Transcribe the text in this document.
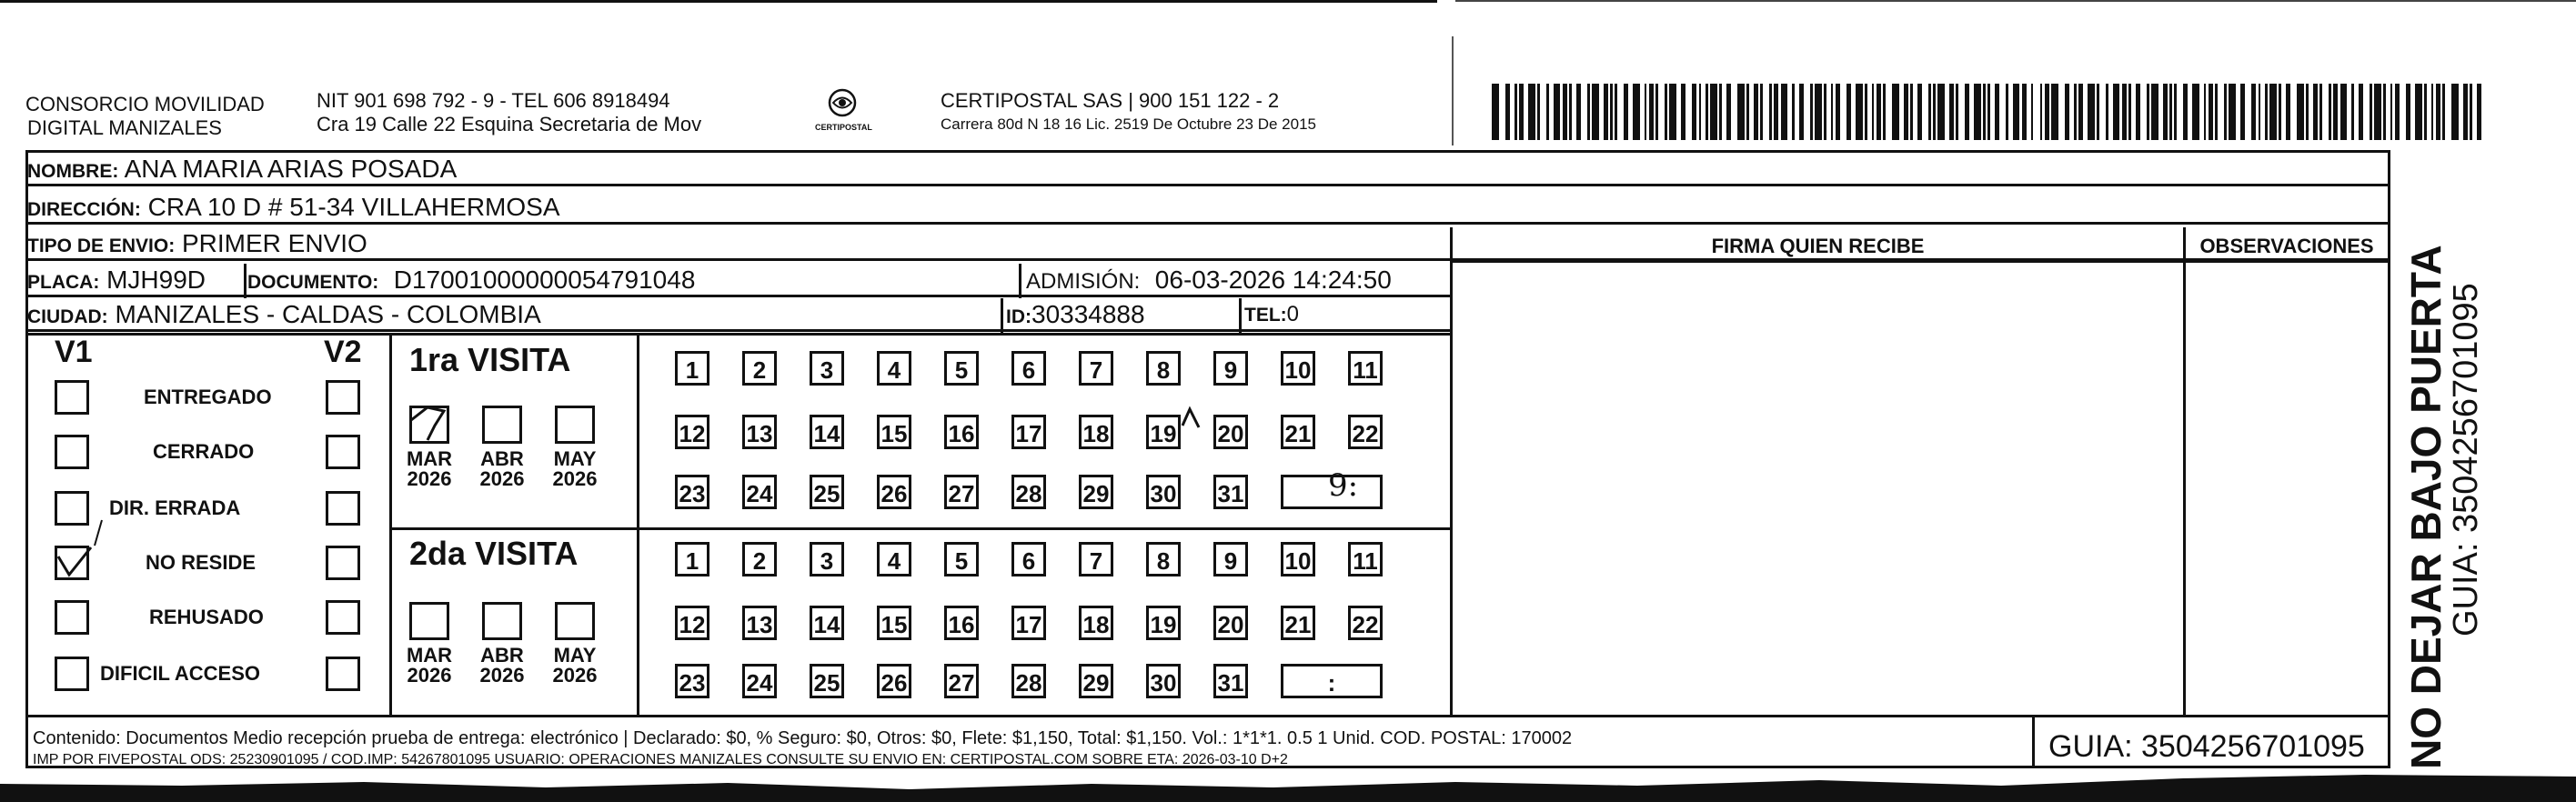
CONSORCIO MOVILIDAD
DIGITAL MANIZALES
NIT 901 698 792 - 9 - TEL 606 8918494
Cra 19 Calle 22 Esquina Secretaria de Mov	CERTIPOSTAL
CERTIPOSTAL SAS | 900 151 122 - 2
Carrera 80d N 18 16 Lic. 2519 De Octubre 23 De 2015
NOMBRE: ANA MARIA ARIAS POSADA
DIRECCIÓN: CRA 10 D # 51-34 VILLAHERMOSA
TIPO DE ENVIO: PRIMER ENVIO
PLACA: MJH99D	DOCUMENTO: D17001000000054791048	ADMISIÓN: 06-03-2026 14:24:50
CIUDAD: MANIZALES - CALDAS - COLOMBIA	ID:30334888	TEL:0
FIRMA QUIEN RECIBE	OBSERVACIONES
V1	V2
ENTREGADO
CERRADO
DIR. ERRADA
NO RESIDE
REHUSADO
DIFICIL ACCESO
1ra VISITA
2da VISITA
1	2	3	4	5	6	7	8	9	10 11
12 13 14 15 16 17 18 19 20 21 22
23 24 25 26 27 28 29 30 31
1	2	3	4	5	6	7	8	9	10 11
12 13 14 15 16 17 18 19 20 21 22
23 24 25 26 27 28 29 30 31	:
MAR
2026
ABR
2026
MAY
2026
MAR
2026
ABR
2026
MAY
2026
9:
Contenido: Documentos Medio recepción prueba de entrega: electrónico | Declarado: $0, % Seguro: $0, Otros: $0, Flete: $1,150, Total: $1,150. Vol.: 1*1*1. 0.5 1 Unid. COD. POSTAL: 170002
IMP POR FIVEPOSTAL ODS: 25230901095 / COD.IMP: 54267801095 USUARIO: OPERACIONES MANIZALES CONSULTE SU ENVIO EN: CERTIPOSTAL.COM SOBRE ETA: 2026-03-10 D+2	GUIA: 3504256701095 NO DEJAR BAJO PUERTA
GUIA: 3504256701095
